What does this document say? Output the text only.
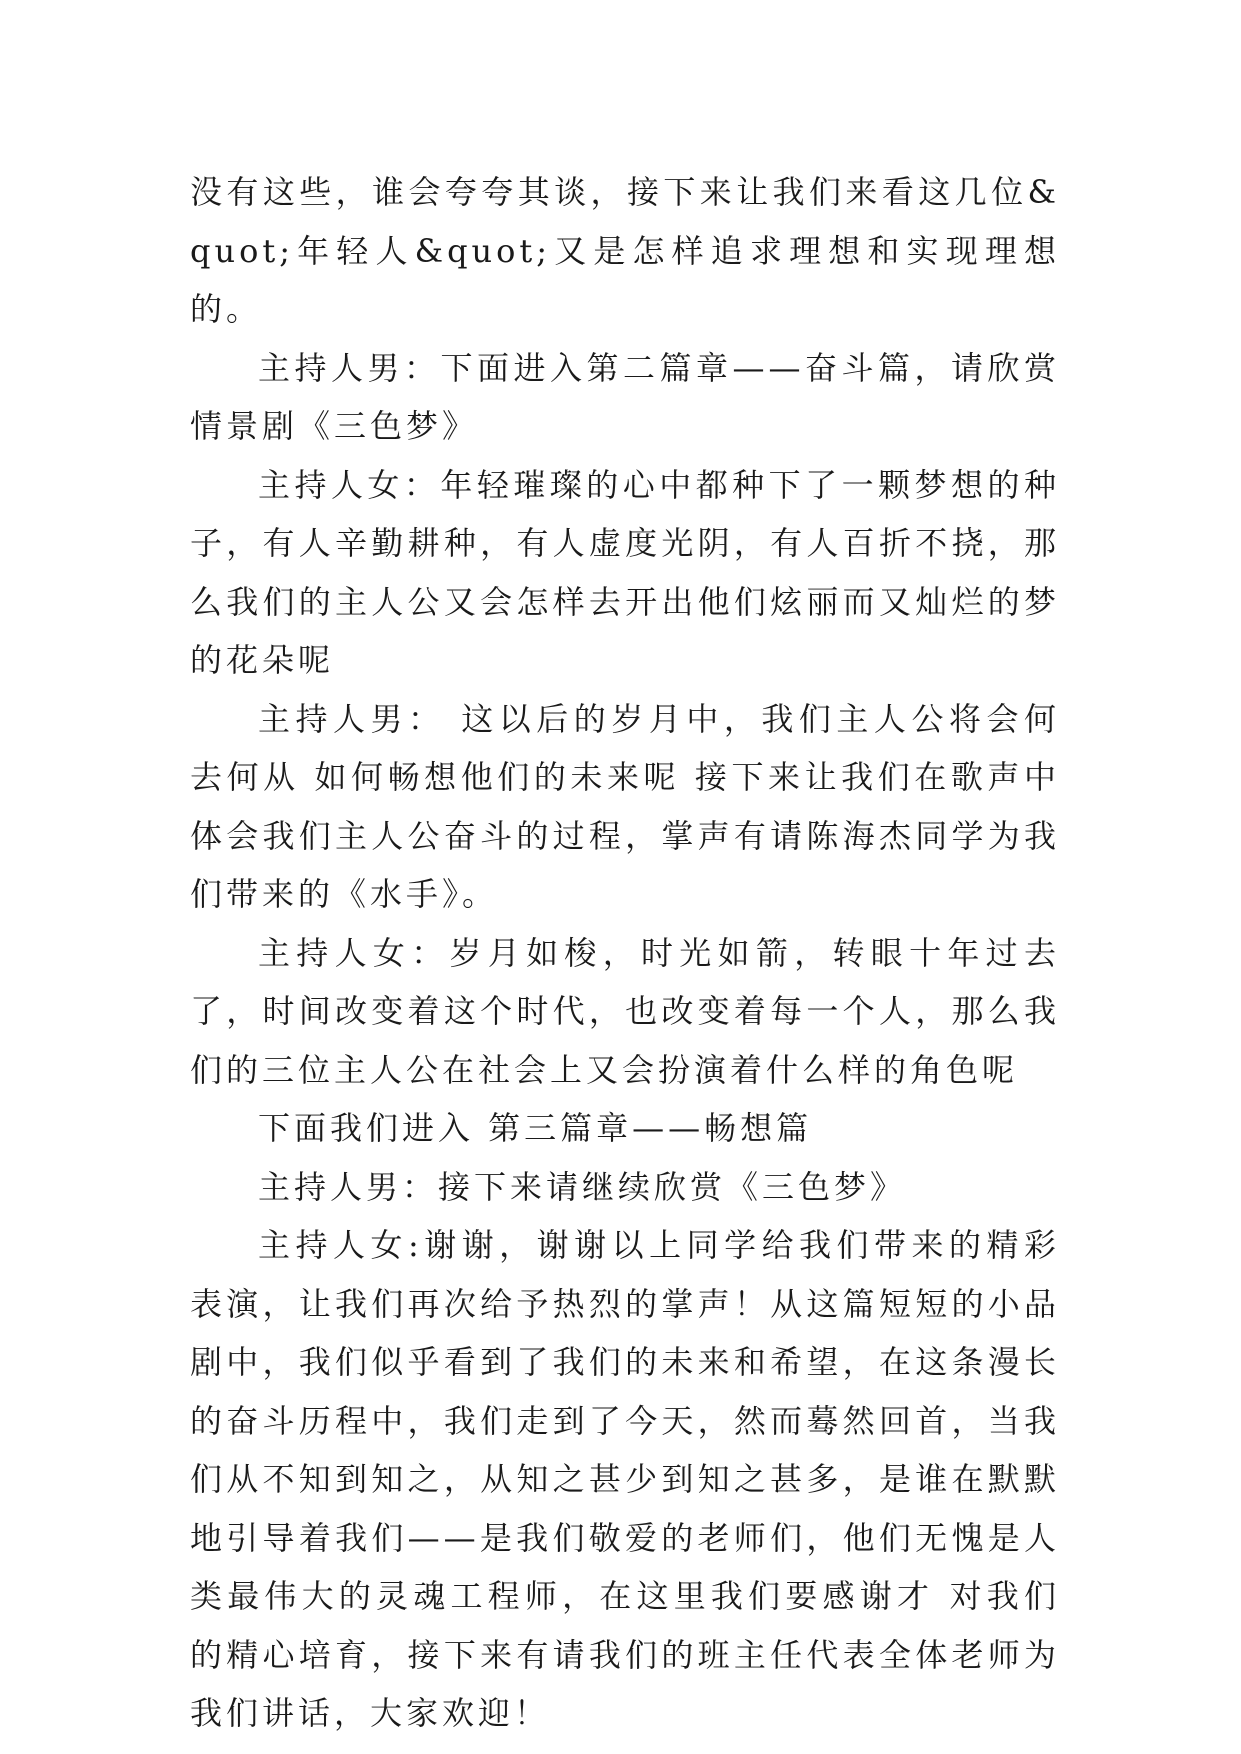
没有这些，谁会夸夸其谈，接下来让我们来看这几位&quot;年轻人&quot;又是怎样追求理想和实现理想的。

主持人男：下面进入第二篇章——奋斗篇，请欣赏情景剧《三色梦》

主持人女：年轻璀璨的心中都种下了一颗梦想的种子，有人辛勤耕种，有人虚度光阴，有人百折不挠，那么我们的主人公又会怎样去开出他们炫丽而又灿烂的梦的花朵呢

主持人男： 这以后的岁月中，我们主人公将会何去何从 如何畅想他们的未来呢 接下来让我们在歌声中体会我们主人公奋斗的过程，掌声有请陈海杰同学为我们带来的《水手》。

主持人女：岁月如梭，时光如箭，转眼十年过去了，时间改变着这个时代，也改变着每一个人，那么我们的三位主人公在社会上又会扮演着什么样的角色呢

下面我们进入 第三篇章——畅想篇

主持人男：接下来请继续欣赏《三色梦》

主持人女:谢谢，谢谢以上同学给我们带来的精彩表演，让我们再次给予热烈的掌声！从这篇短短的小品剧中，我们似乎看到了我们的未来和希望，在这条漫长的奋斗历程中，我们走到了今天，然而蓦然回首，当我们从不知到知之，从知之甚少到知之甚多，是谁在默默地引导着我们——是我们敬爱的老师们，他们无愧是人类最伟大的灵魂工程师，在这里我们要感谢才 对我们的精心培育，接下来有请我们的班主任代表全体老师为我们讲话，大家欢迎！
